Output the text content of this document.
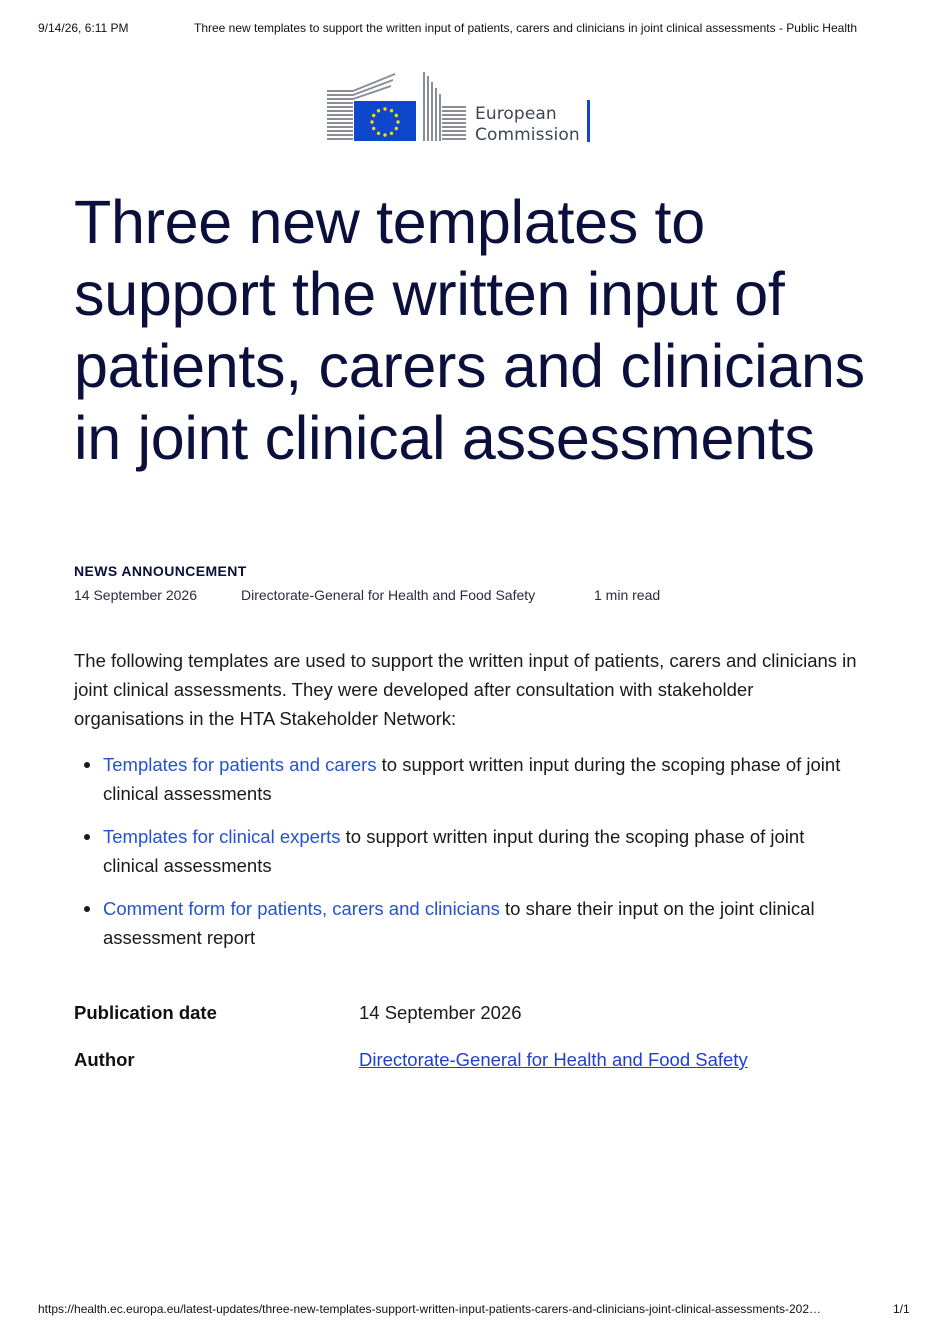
9/14/26, 6:11 PM	Three new templates to support the written input of patients, carers and clinicians in joint clinical assessments - Public Health
European
Commission
Three new templates to support the written input of patients, carers and clinicians in joint clinical assessments
NEWS ANNOUNCEMENT
14 September 2026	Directorate-General for Health and Food Safety	1 min read

The following templates are used to support the written input of patients, carers and clinicians in joint clinical assessments. They were developed after consultation with stakeholder organisations in the HTA Stakeholder Network:

Templates for patients and carers to support written input during the scoping phase of joint clinical assessments
Templates for clinical experts to support written input during the scoping phase of joint clinical assessments
Comment form for patients, carers and clinicians to share their input on the joint clinical assessment report
Publication date	14 September 2026
Author	Directorate-General for Health and Food Safety
https://health.ec.europa.eu/latest-updates/three-new-templates-support-written-input-patients-carers-and-clinicians-joint-clinical-assessments-202…	1/1
